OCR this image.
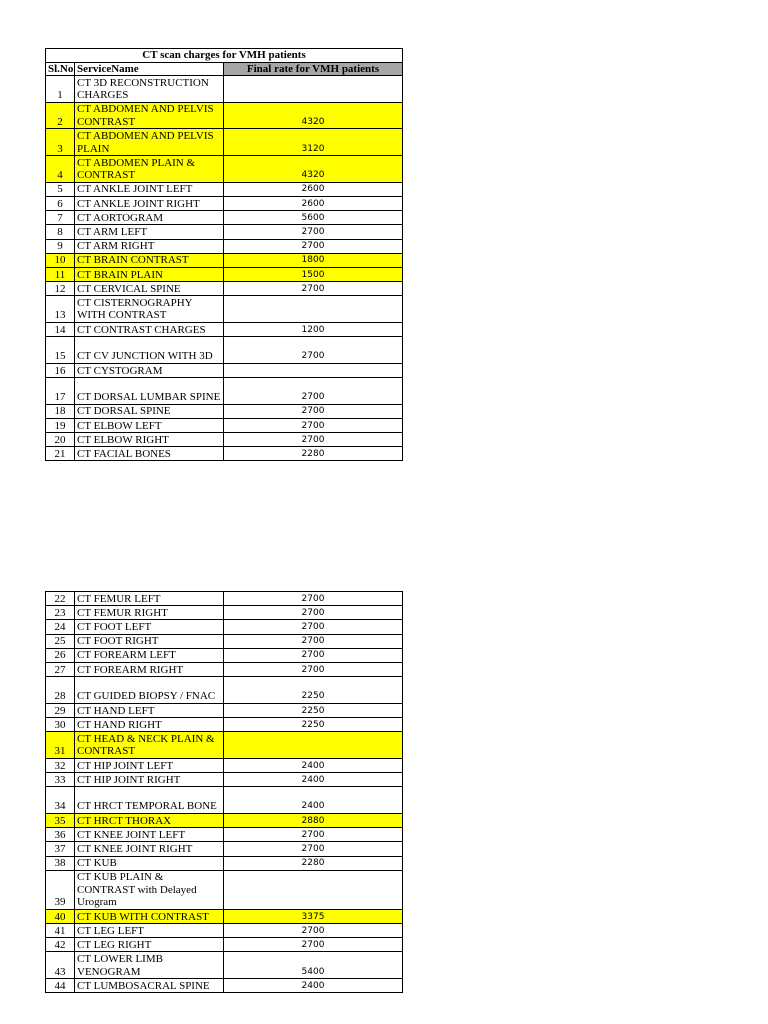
CT scan charges for VMH patients		
Sl.No	ServiceName	Final rate for VMH patients
1	CT 3D RECONSTRUCTION CHARGES	
2	CT ABDOMEN AND PELVIS CONTRAST	4320
3	CT ABDOMEN AND PELVIS PLAIN	3120
4	CT ABDOMEN PLAIN & CONTRAST	4320
5	CT ANKLE JOINT LEFT	2600
6	CT ANKLE JOINT RIGHT	2600
7	CT AORTOGRAM	5600
8	CT ARM LEFT	2700
9	CT ARM RIGHT	2700
10	CT BRAIN CONTRAST	1800
11	CT BRAIN PLAIN	1500
12	CT CERVICAL SPINE	2700
13	CT CISTERNOGRAPHY WITH CONTRAST	
14	CT CONTRAST CHARGES	1200
15	CT CV JUNCTION WITH 3D	2700
16	CT CYSTOGRAM	
17	CT DORSAL LUMBAR SPINE	2700
18	CT DORSAL SPINE	2700
19	CT ELBOW LEFT	2700
20	CT ELBOW RIGHT	2700
21	CT FACIAL BONES	2280
22	CT FEMUR LEFT	2700
23	CT FEMUR RIGHT	2700
24	CT FOOT LEFT	2700
25	CT FOOT RIGHT	2700
26	CT FOREARM LEFT	2700
27	CT FOREARM RIGHT	2700
28	CT GUIDED BIOPSY / FNAC	2250
29	CT HAND LEFT	2250
30	CT HAND RIGHT	2250
31	CT HEAD & NECK PLAIN & CONTRAST	
32	CT HIP JOINT LEFT	2400
33	CT HIP JOINT RIGHT	2400
34	CT HRCT TEMPORAL BONE	2400
35	CT HRCT THORAX	2880
36	CT KNEE JOINT LEFT	2700
37	CT KNEE JOINT RIGHT	2700
38	CT KUB	2280
39	CT KUB PLAIN & CONTRAST with Delayed Urogram	
40	CT KUB WITH CONTRAST	3375
41	CT LEG LEFT	2700
42	CT LEG RIGHT	2700
43	CT LOWER LIMB VENOGRAM	5400
44	CT LUMBOSACRAL SPINE	2400
